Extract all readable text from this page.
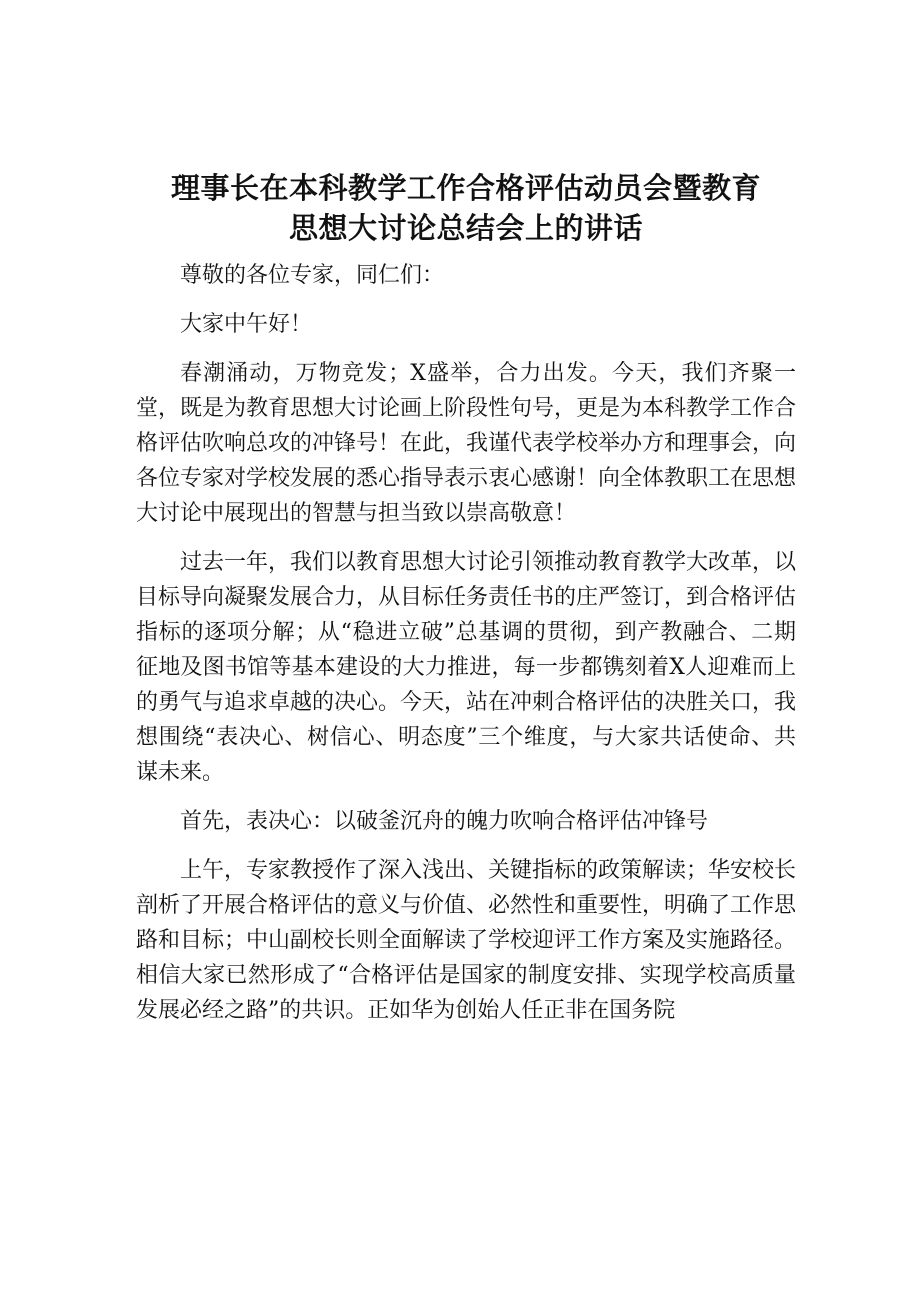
理事长在本科教学工作合格评估动员会暨教育
思想大讨论总结会上的讲话

尊敬的各位专家，同仁们：

大家中午好！

春潮涌动，万物竞发；X盛举，合力出发。今天，我们齐聚一堂，既是为教育思想大讨论画上阶段性句号，更是为本科教学工作合格评估吹响总攻的冲锋号！在此，我谨代表学校举办方和理事会，向各位专家对学校发展的悉心指导表示衷心感谢！向全体教职工在思想大讨论中展现出的智慧与担当致以崇高敬意！

过去一年，我们以教育思想大讨论引领推动教育教学大改革，以目标导向凝聚发展合力，从目标任务责任书的庄严签订，到合格评估指标的逐项分解；从“稳进立破”总基调的贯彻，到产教融合、二期征地及图书馆等基本建设的大力推进，每一步都镌刻着X人迎难而上的勇气与追求卓越的决心。今天，站在冲刺合格评估的决胜关口，我想围绕“表决心、树信心、明态度”三个维度，与大家共话使命、共谋未来。

首先，表决心：以破釜沉舟的魄力吹响合格评估冲锋号

上午，专家教授作了深入浅出、关键指标的政策解读；华安校长剖析了开展合格评估的意义与价值、必然性和重要性，明确了工作思路和目标；中山副校长则全面解读了学校迎评工作方案及实施路径。相信大家已然形成了“合格评估是国家的制度安排、实现学校高质量发展必经之路”的共识。正如华为创始人任正非在国务院
